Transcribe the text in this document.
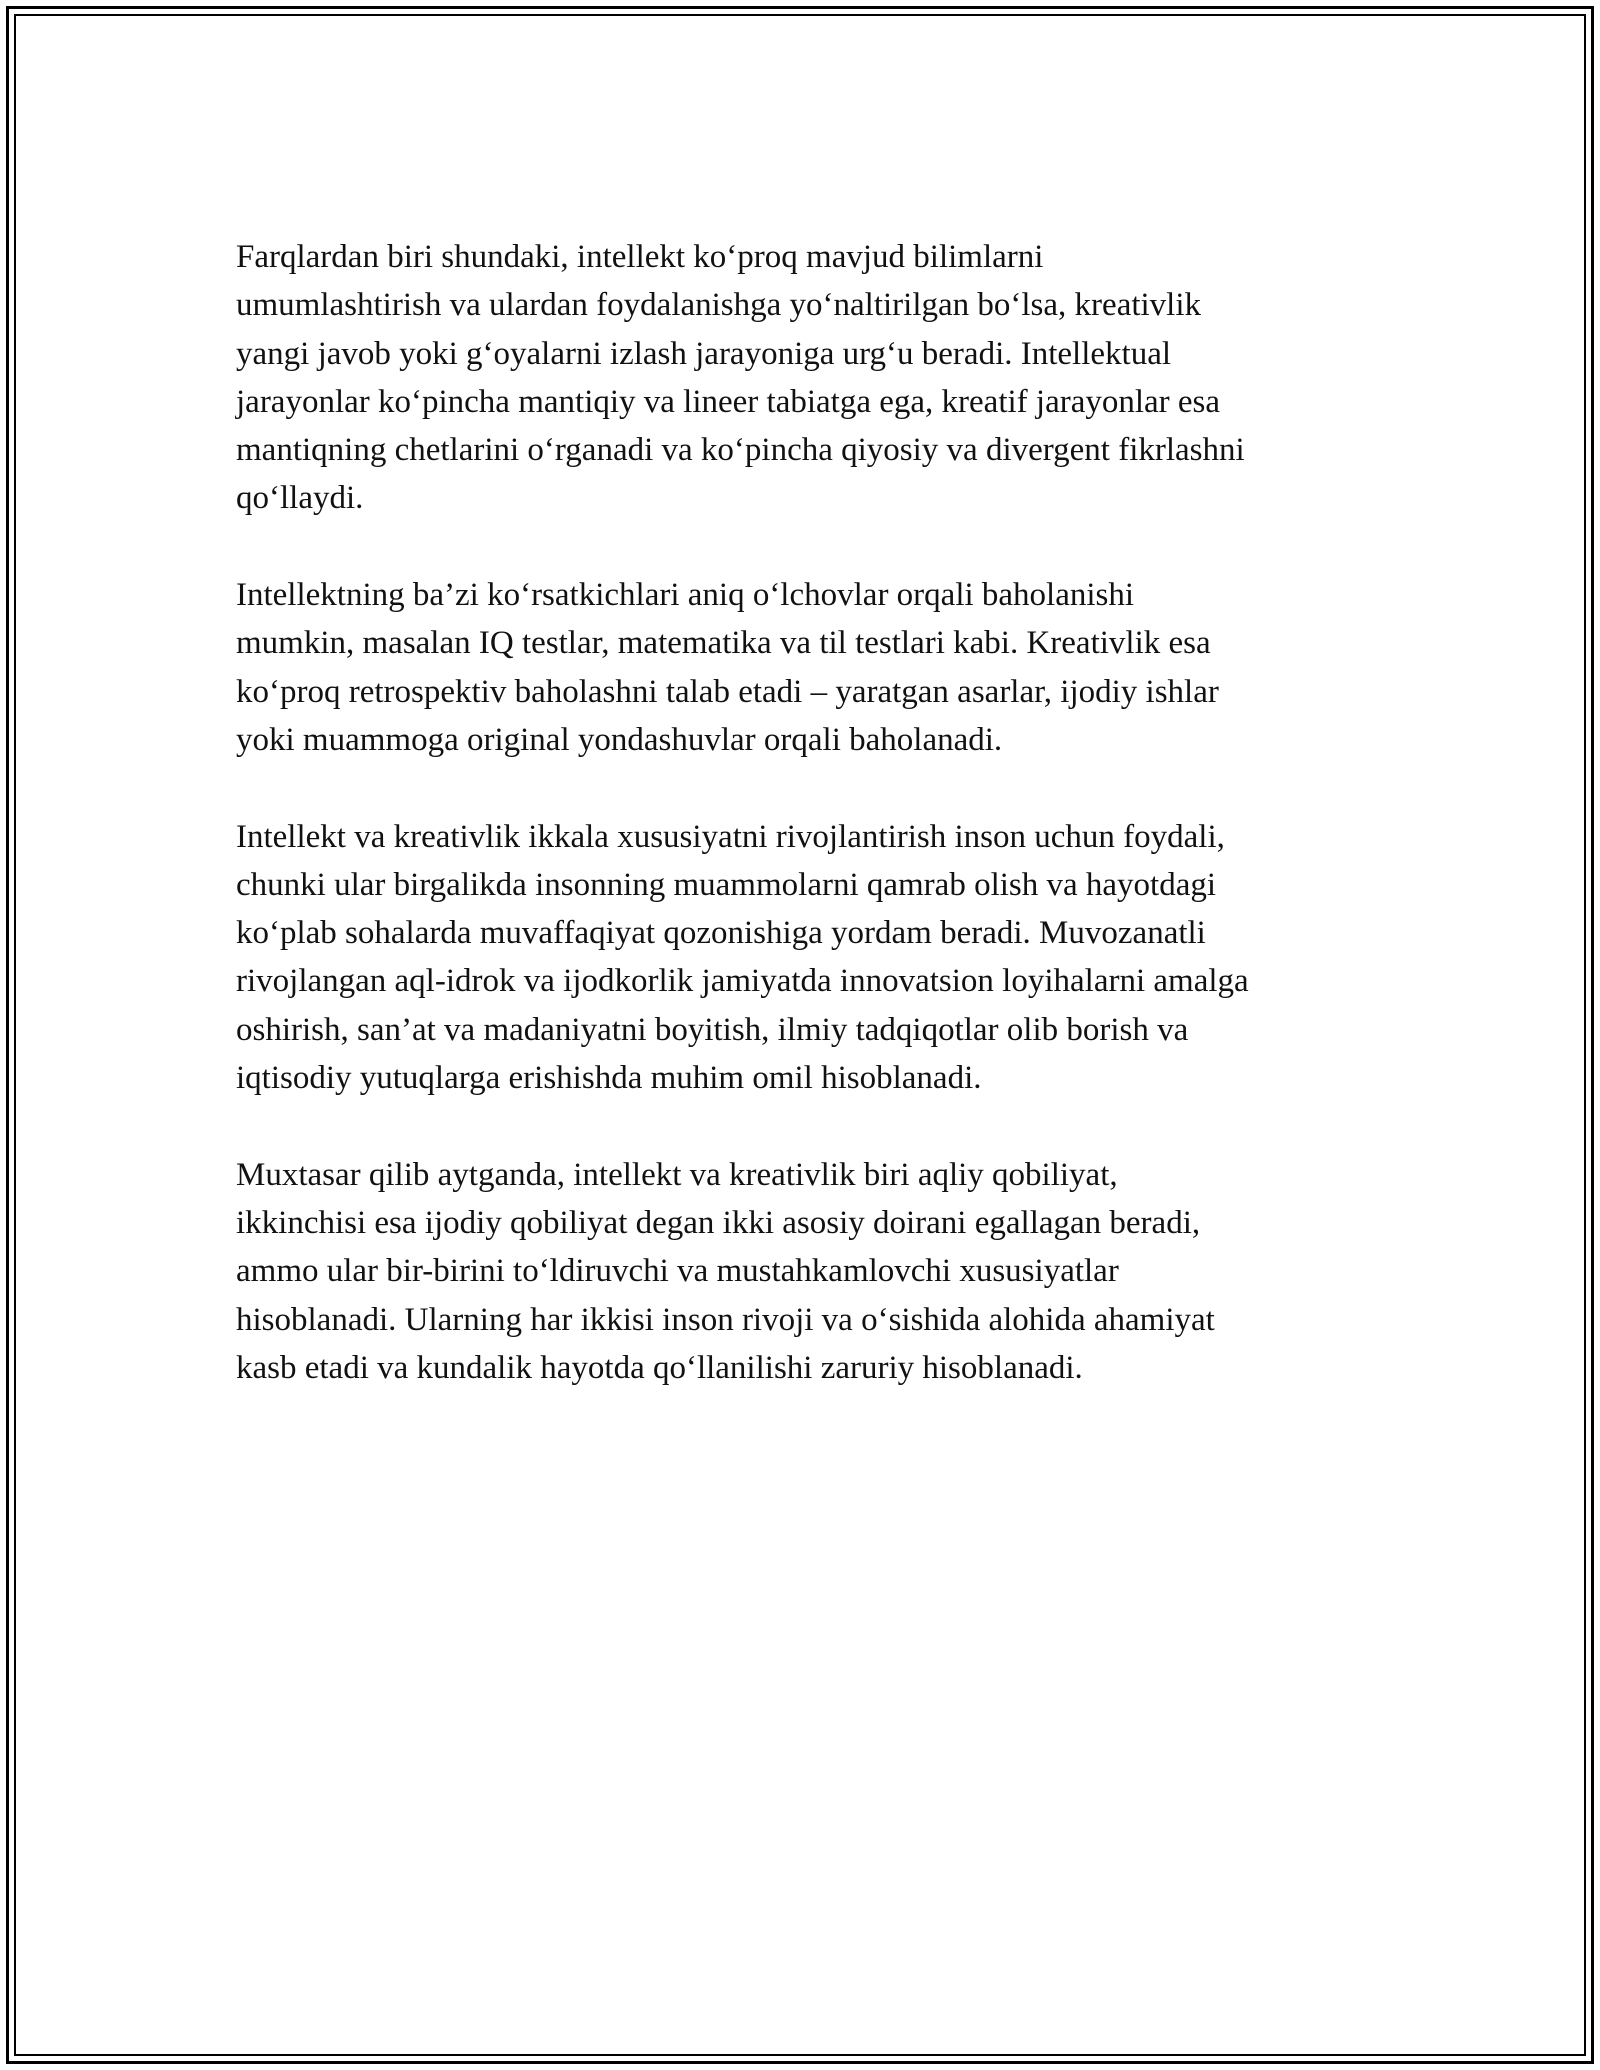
Farqlardan biri shundaki, intellekt ko‘proq mavjud bilimlarni
umumlashtirish va ulardan foydalanishga yo‘naltirilgan bo‘lsa, kreativlik
yangi javob yoki g‘oyalarni izlash jarayoniga urg‘u beradi. Intellektual
jarayonlar ko‘pincha mantiqiy va lineer tabiatga ega, kreatif jarayonlar esa
mantiqning chetlarini o‘rganadi va ko‘pincha qiyosiy va divergent fikrlashni
qo‘llaydi.

Intellektning ba’zi ko‘rsatkichlari aniq o‘lchovlar orqali baholanishi
mumkin, masalan IQ testlar, matematika va til testlari kabi. Kreativlik esa
ko‘proq retrospektiv baholashni talab etadi – yaratgan asarlar, ijodiy ishlar
yoki muammoga original yondashuvlar orqali baholanadi.

Intellekt va kreativlik ikkala xususiyatni rivojlantirish inson uchun foydali,
chunki ular birgalikda insonning muammolarni qamrab olish va hayotdagi
ko‘plab sohalarda muvaffaqiyat qozonishiga yordam beradi. Muvozanatli
rivojlangan aql-idrok va ijodkorlik jamiyatda innovatsion loyihalarni amalga
oshirish, san’at va madaniyatni boyitish, ilmiy tadqiqotlar olib borish va
iqtisodiy yutuqlarga erishishda muhim omil hisoblanadi.

Muxtasar qilib aytganda, intellekt va kreativlik biri aqliy qobiliyat,
ikkinchisi esa ijodiy qobiliyat degan ikki asosiy doirani egallagan beradi,
ammo ular bir-birini to‘ldiruvchi va mustahkamlovchi xususiyatlar
hisoblanadi. Ularning har ikkisi inson rivoji va o‘sishida alohida ahamiyat
kasb etadi va kundalik hayotda qo‘llanilishi zaruriy hisoblanadi.
